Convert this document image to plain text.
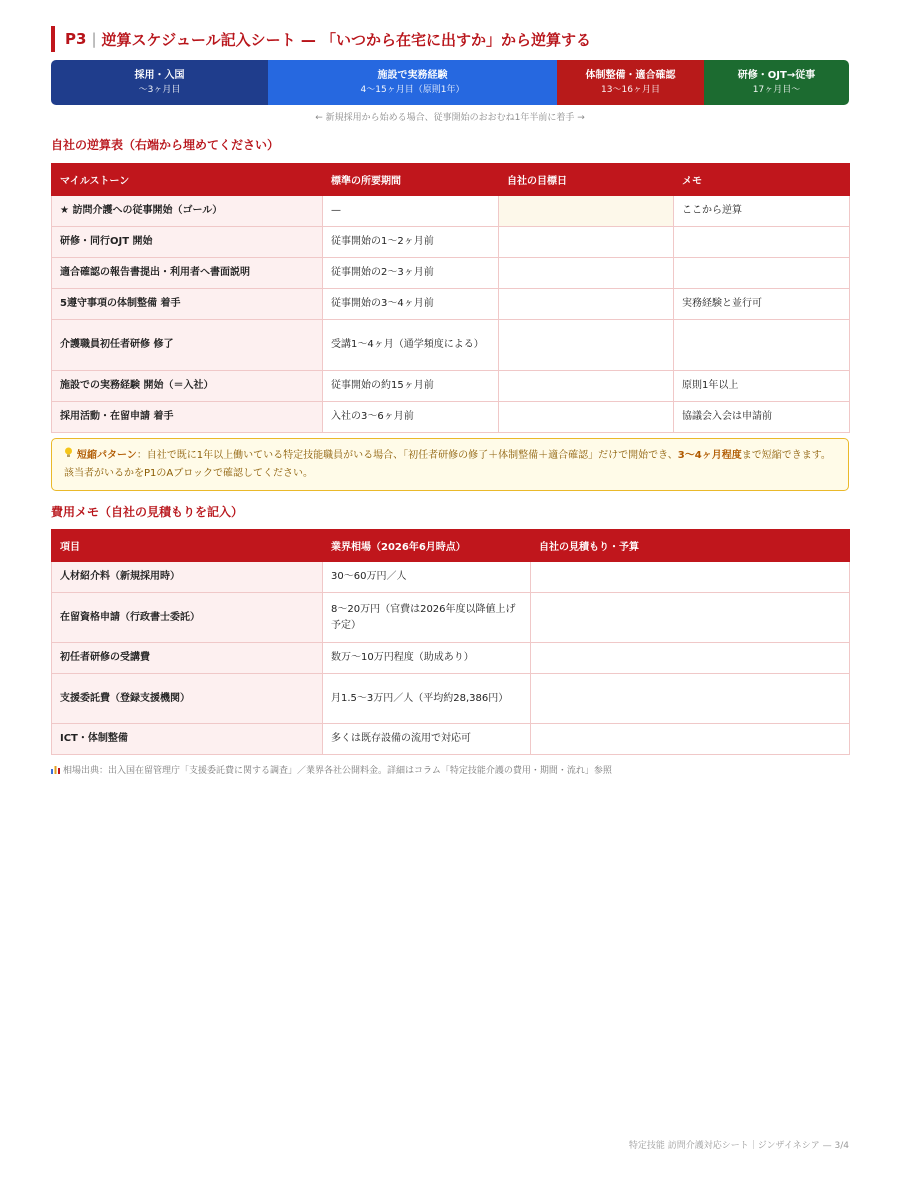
P3 | 逆算スケジュール記入シート — 「いつから在宅に出すか」から逆算する
採用・入国
〜3ヶ月目
施設で実務経験
4〜15ヶ月目（原則1年）
体制整備・適合確認
13〜16ヶ月目
研修・OJT→従事
17ヶ月目〜
← 新規採用から始める場合、従事開始のおおむね1年半前に着手 →
自社の逆算表（右端から埋めてください）
マイルストーン	標準の所要期間	自社の目標日	メモ
★ 訪問介護への従事開始（ゴール）	—		ここから逆算
研修・同行OJT 開始	従事開始の1〜2ヶ月前		
適合確認の報告書提出・利用者へ書面説明	従事開始の2〜3ヶ月前		
5遵守事項の体制整備 着手	従事開始の3〜4ヶ月前		実務経験と並行可
介護職員初任者研修 修了	受講1〜4ヶ月（通学頻度による）		
施設での実務経験 開始（＝入社）	従事開始の約15ヶ月前		原則1年以上
採用活動・在留申請 着手	入社の3〜6ヶ月前		協議会入会は申請前
短縮パターン：自社で既に1年以上働いている特定技能職員がいる場合、「初任者研修の修了＋体制整備＋適合確認」だけで開始でき、3〜4ヶ月程度まで短縮できます。該当者がいるかをP1のAブロックで確認してください。
費用メモ（自社の見積もりを記入）
項目	業界相場（2026年6月時点）	自社の見積もり・予算
人材紹介料（新規採用時）	30〜60万円／人	
在留資格申請（行政書士委託）	8〜20万円（官費は2026年度以降値上げ予定）	
初任者研修の受講費	数万〜10万円程度（助成あり）	
支援委託費（登録支援機関）	月1.5〜3万円／人（平均約28,386円）	
ICT・体制整備	多くは既存設備の流用で対応可	
相場出典：出入国在留管理庁「支援委託費に関する調査」／業界各社公開料金。詳細はコラム「特定技能介護の費用・期間・流れ」参照
特定技能 訪問介護対応シート｜ジンザイネシア — 3/4
